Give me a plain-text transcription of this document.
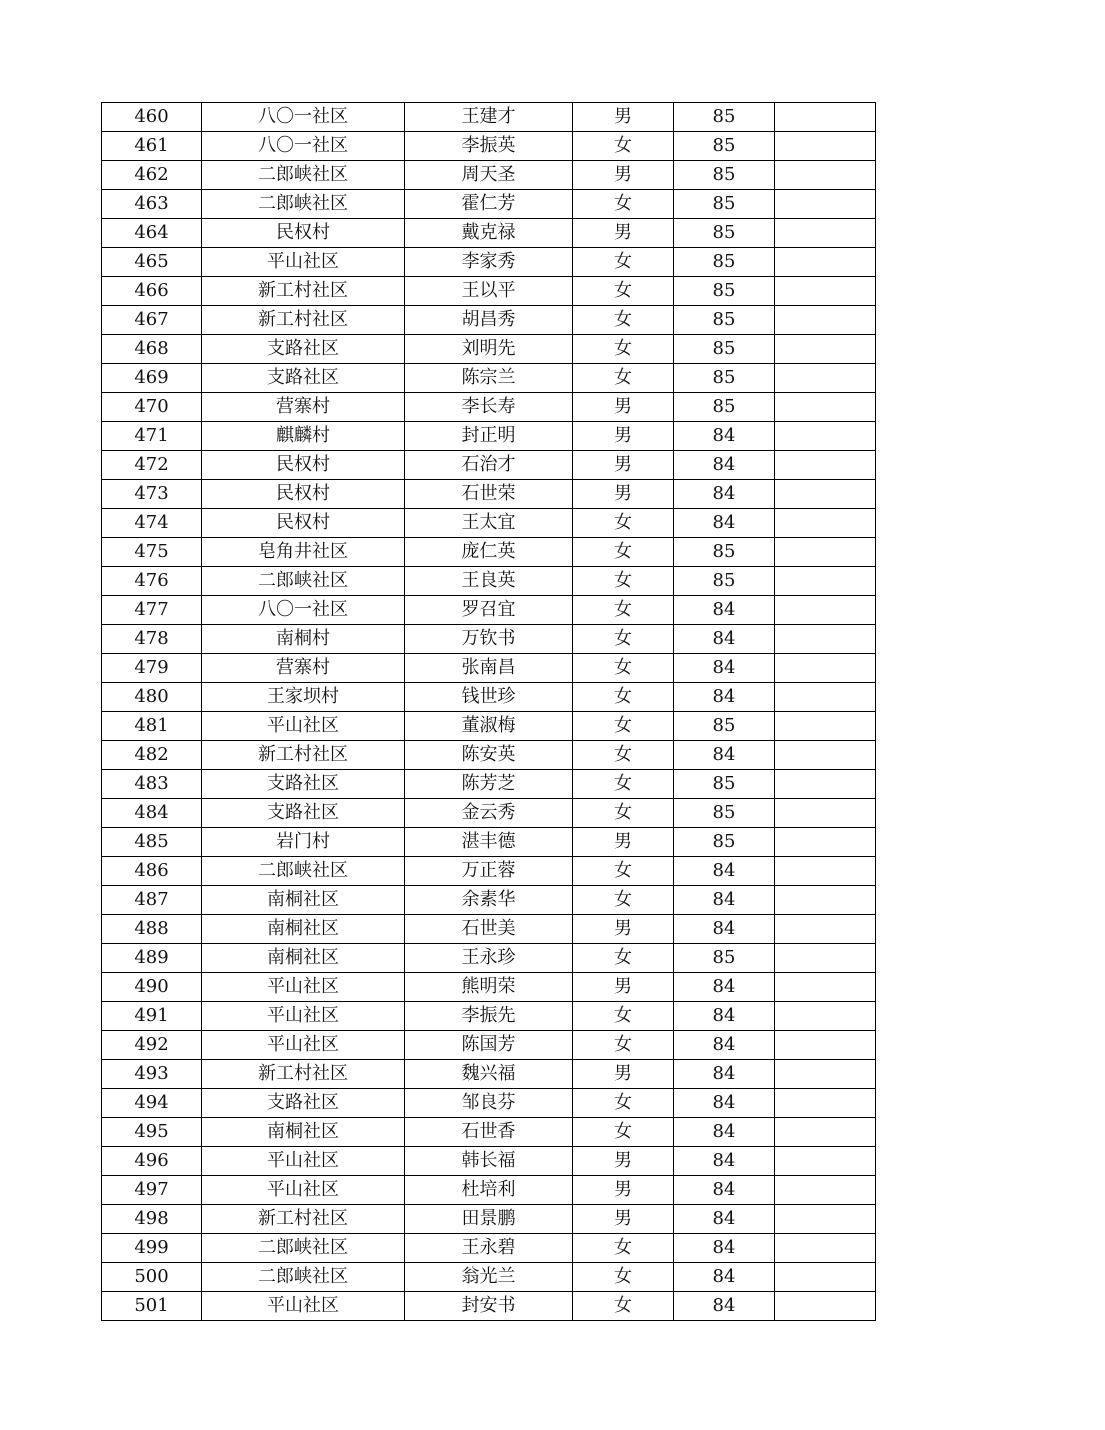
460	八〇一社区	王建才	男	85	
461	八〇一社区	李振英	女	85	
462	二郎峡社区	周天圣	男	85	
463	二郎峡社区	霍仁芳	女	85	
464	民权村	戴克禄	男	85	
465	平山社区	李家秀	女	85	
466	新工村社区	王以平	女	85	
467	新工村社区	胡昌秀	女	85	
468	支路社区	刘明先	女	85	
469	支路社区	陈宗兰	女	85	
470	营寨村	李长寿	男	85	
471	麒麟村	封正明	男	84	
472	民权村	石治才	男	84	
473	民权村	石世荣	男	84	
474	民权村	王太宜	女	84	
475	皂角井社区	庞仁英	女	85	
476	二郎峡社区	王良英	女	85	
477	八〇一社区	罗召宜	女	84	
478	南桐村	万钦书	女	84	
479	营寨村	张南昌	女	84	
480	王家坝村	钱世珍	女	84	
481	平山社区	董淑梅	女	85	
482	新工村社区	陈安英	女	84	
483	支路社区	陈芳芝	女	85	
484	支路社区	金云秀	女	85	
485	岩门村	湛丰德	男	85	
486	二郎峡社区	万正蓉	女	84	
487	南桐社区	余素华	女	84	
488	南桐社区	石世美	男	84	
489	南桐社区	王永珍	女	85	
490	平山社区	熊明荣	男	84	
491	平山社区	李振先	女	84	
492	平山社区	陈国芳	女	84	
493	新工村社区	魏兴福	男	84	
494	支路社区	邹良芬	女	84	
495	南桐社区	石世香	女	84	
496	平山社区	韩长福	男	84	
497	平山社区	杜培利	男	84	
498	新工村社区	田景鹏	男	84	
499	二郎峡社区	王永碧	女	84	
500	二郎峡社区	翁光兰	女	84	
501	平山社区	封安书	女	84	
